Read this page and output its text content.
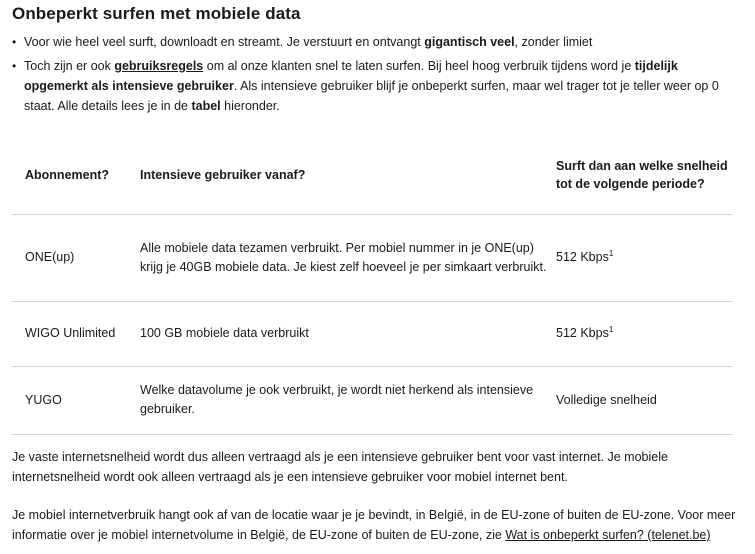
Onbeperkt surfen met mobiele data
• Voor wie heel veel surft, downloadt en streamt. Je verstuurt en ontvangt gigantisch veel, zonder limiet
• Toch zijn er ook gebruiksregels om al onze klanten snel te laten surfen. Bij heel hoog verbruik tijdens word je tijdelijk opgemerkt als intensieve gebruiker. Als intensieve gebruiker blijf je onbeperkt surfen, maar wel trager tot je teller weer op 0 staat. Alle details lees je in de tabel hieronder.
Abonnement?	Intensieve gebruiker vanaf?	Surft dan aan welke snelheid tot de volgende periode?
ONE(up)	Alle mobiele data tezamen verbruikt. Per mobiel nummer in je ONE(up) krijg je 40GB mobiele data. Je kiest zelf hoeveel je per simkaart verbruikt.	512 Kbps$^1$
WIGO Unlimited	100 GB mobiele data verbruikt	512 Kbps$^1$
YUGO	Welke datavolume je ook verbruikt, je wordt niet herkend als intensieve gebruiker.	Volledige snelheid

Je vaste internetsnelheid wordt dus alleen vertraagd als je een intensieve gebruiker bent voor vast internet. Je mobiele internetsnelheid wordt ook alleen vertraagd als je een intensieve gebruiker voor mobiel internet bent.

Je mobiel internetverbruik hangt ook af van de locatie waar je je bevindt, in België, in de EU-zone of buiten de EU-zone. Voor meer informatie over je mobiel internetvolume in België, de EU-zone of buiten de EU-zone, zie Wat is onbeperkt surfen? (telenet.be)
